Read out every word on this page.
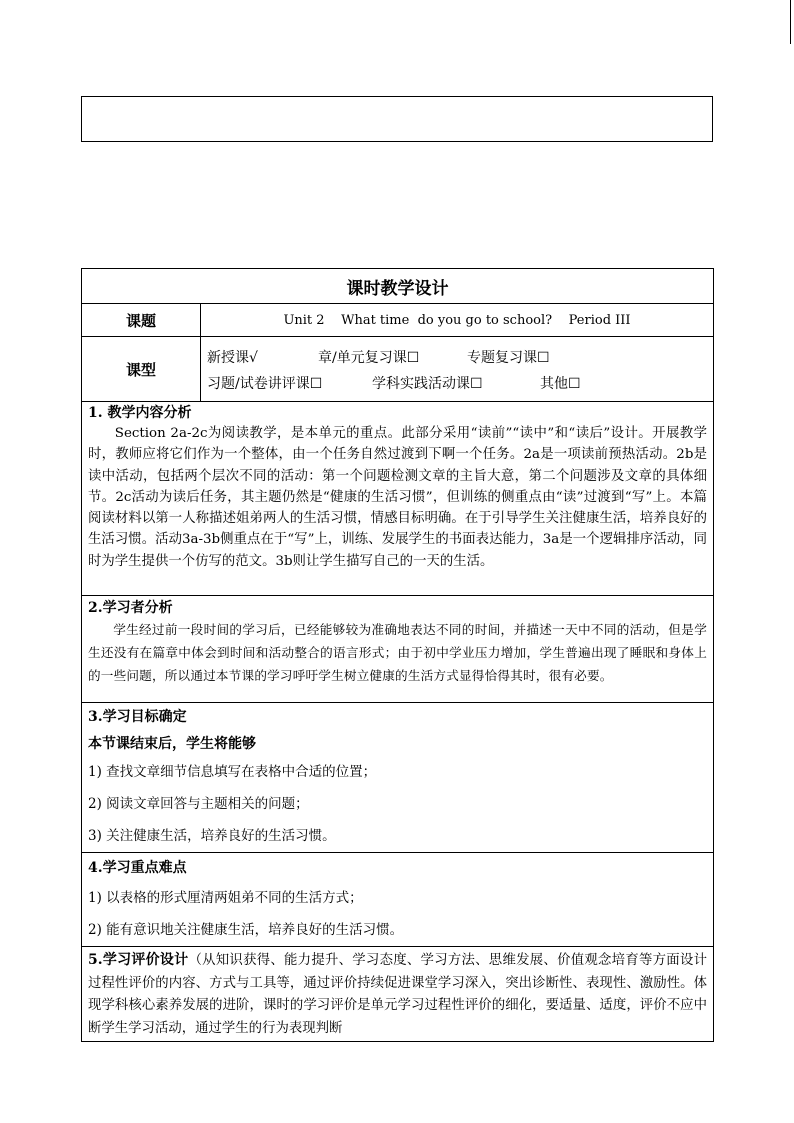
课时教学设计	
课题	Unit 2    What time  do you go to school?    Period III
课型	新授课√ 章/单元复习课☐ 专题复习课☐
习题/试卷讲评课☐ 学科实践活动课☐ 其他☐

1. 教学内容分析
Section 2a-2c为阅读教学，是本单元的重点。此部分采用“读前”“读中”和“读后”设计。开展教学时，教师应将它们作为一个整体，由一个任务自然过渡到下啊一个任务。2a是一项读前预热活动。2b是读中活动，包括两个层次不同的活动：第一个问题检测文章的主旨大意，第二个问题涉及文章的具体细节。2c活动为读后任务，其主题仍然是“健康的生活习惯”，但训练的侧重点由“读”过渡到“写”上。本篇阅读材料以第一人称描述姐弟两人的生活习惯，情感目标明确。在于引导学生关注健康生活，培养良好的生活习惯。活动3a-3b侧重点在于“写”上，训练、发展学生的书面表达能力，3a是一个逻辑排序活动，同时为学生提供一个仿写的范文。3b则让学生描写自己的一天的生活。	

2.学习者分析
学生经过前一段时间的学习后，已经能够较为准确地表达不同的时间，并描述一天中不同的活动，但是学生还没有在篇章中体会到时间和活动整合的语言形式；由于初中学业压力增加，学生普遍出现了睡眠和身体上的一些问题，所以通过本节课的学习呼吁学生树立健康的生活方式显得恰得其时，很有必要。	

3.学习目标确定
本节课结束后，学生将能够
1) 查找文章细节信息填写在表格中合适的位置；
2) 阅读文章回答与主题相关的问题；
3) 关注健康生活，培养良好的生活习惯。	

4.学习重点难点
1) 以表格的形式厘清两姐弟不同的生活方式；
2) 能有意识地关注健康生活，培养良好的生活习惯。	

5.学习评价设计（从知识获得、能力提升、学习态度、学习方法、思维发展、价值观念培育等方面设计过程性评价的内容、方式与工具等，通过评价持续促进课堂学习深入，突出诊断性、表现性、激励性。体现学科核心素养发展的进阶，课时的学习评价是单元学习过程性评价的细化，要适量、适度，评价不应中断学生学习活动，通过学生的行为表现判断	
